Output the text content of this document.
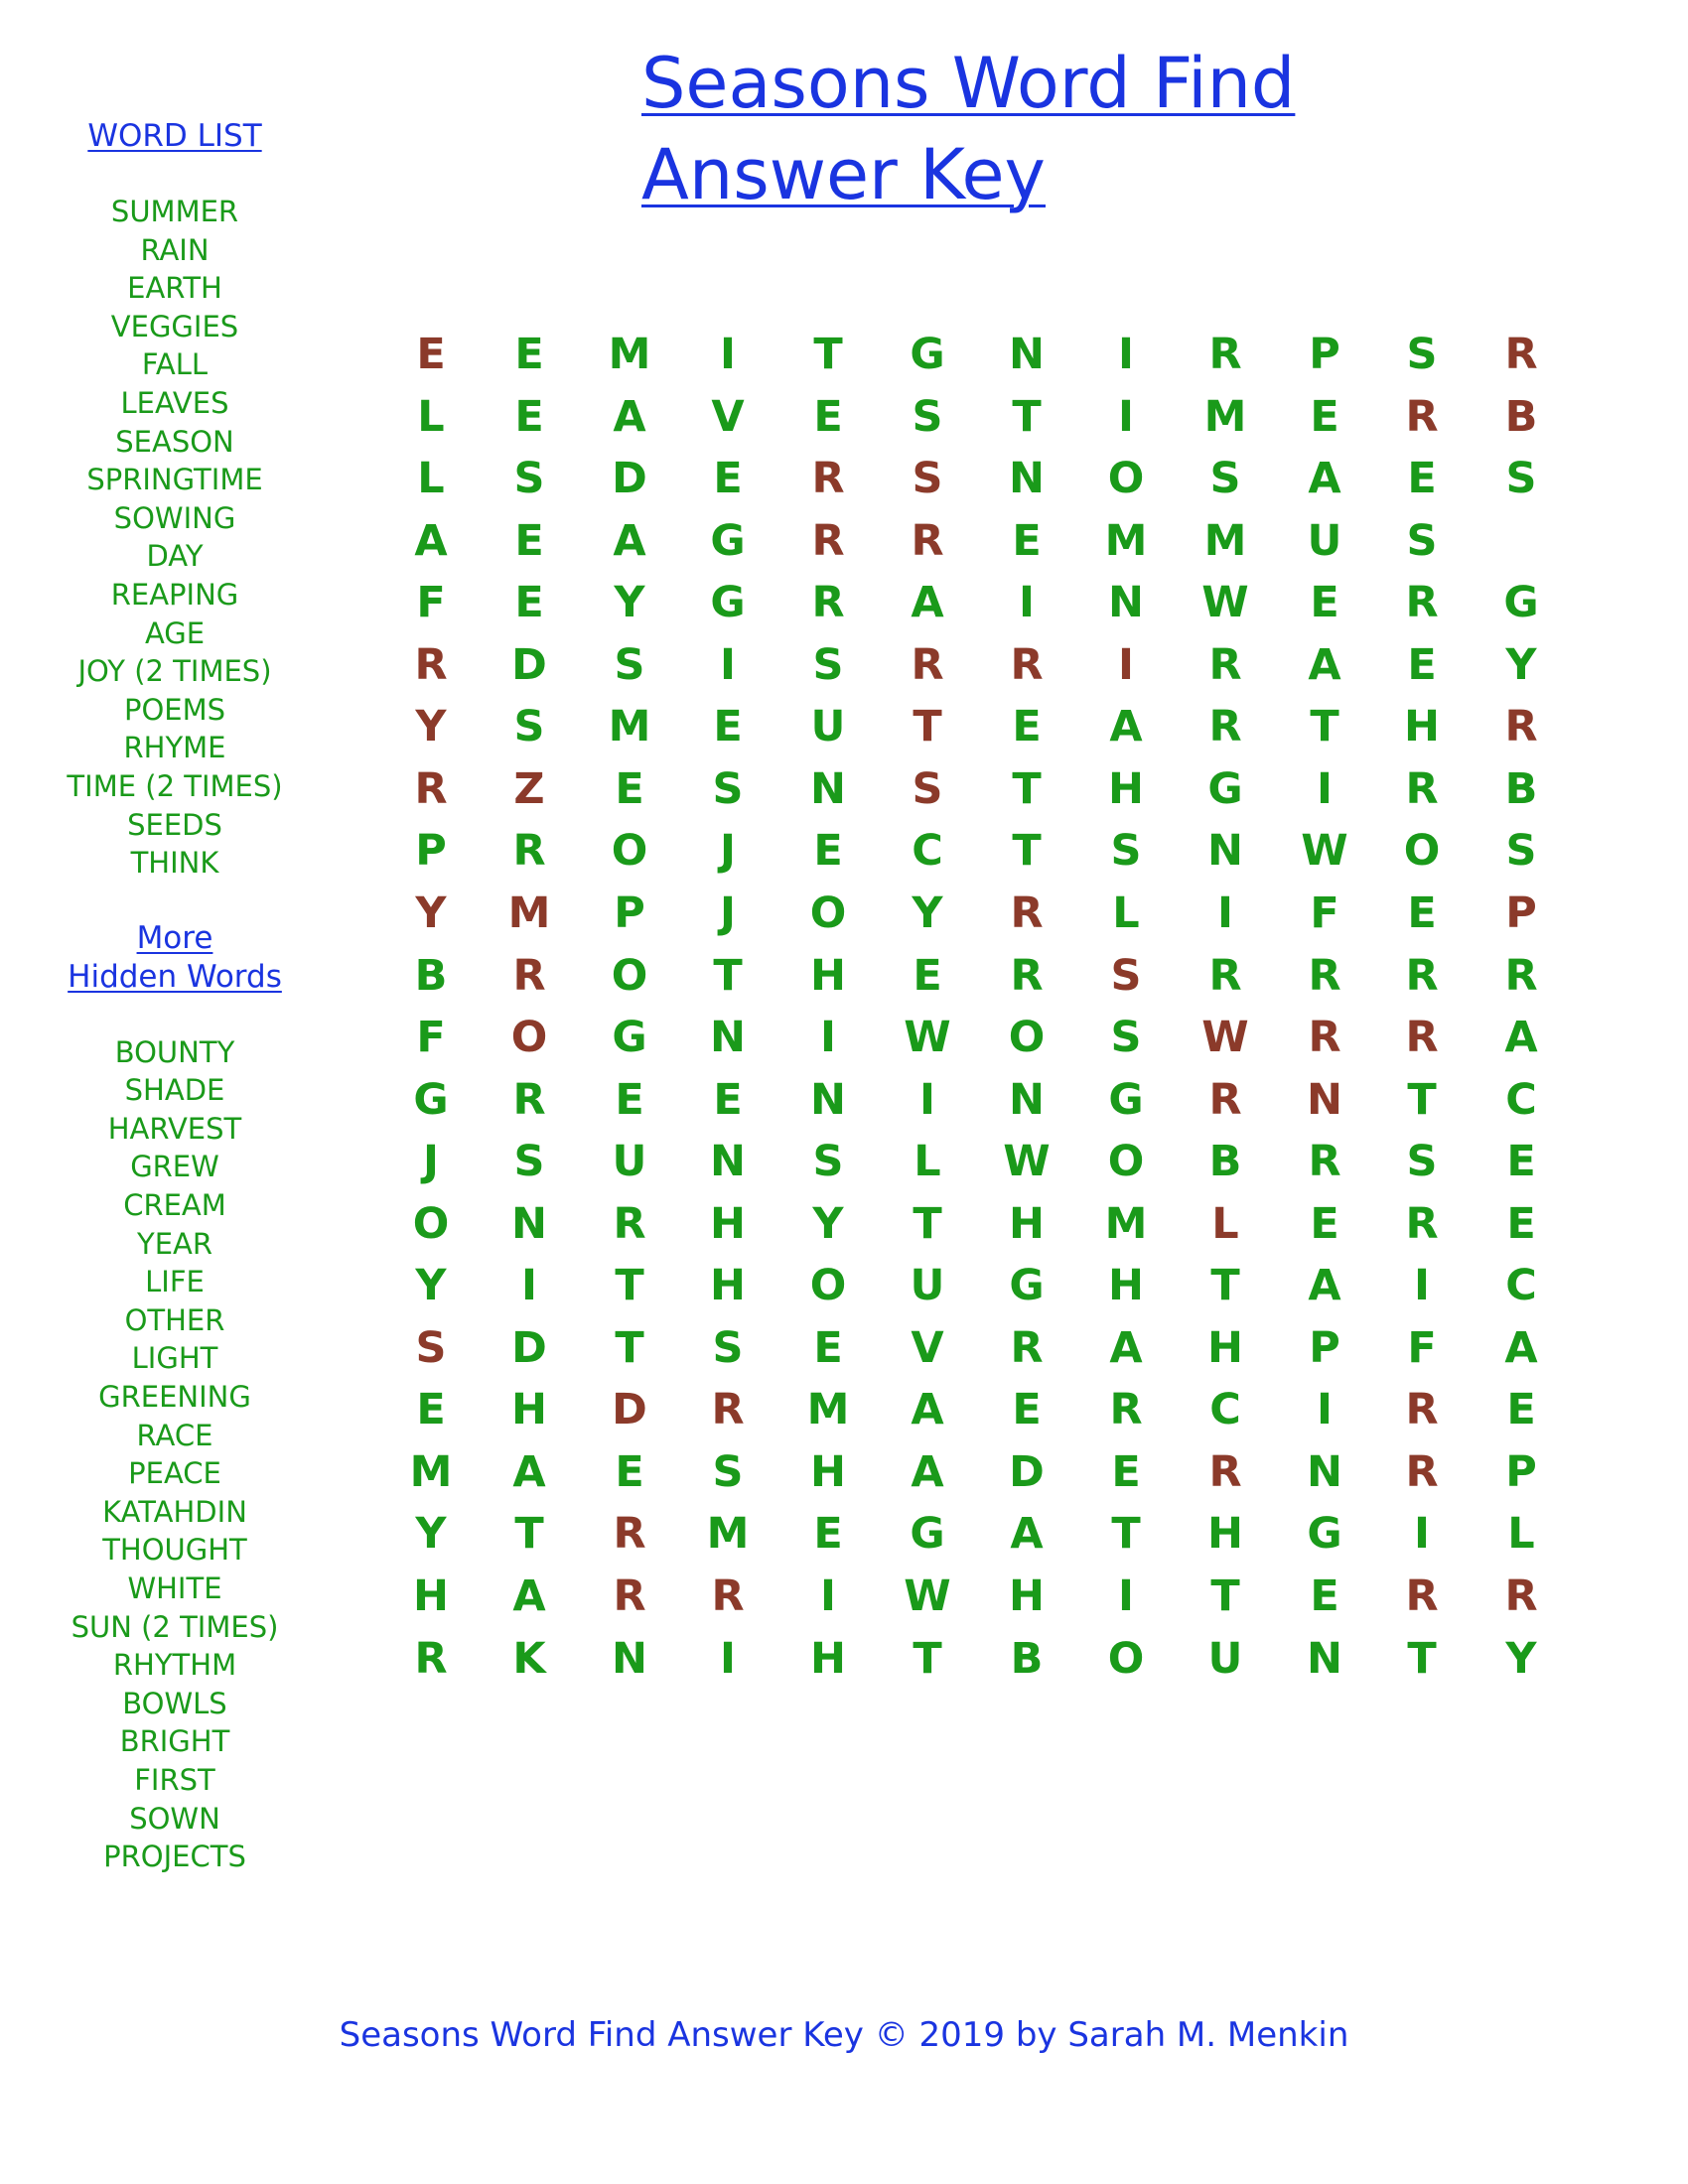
Seasons Word Find
Answer Key
WORD LIST
SUMMER
RAIN
EARTH
VEGGIES
FALL
LEAVES
SEASON
SPRINGTIME
SOWING
DAY
REAPING
AGE
JOY (2 TIMES)
POEMS
RHYME
TIME (2 TIMES)
SEEDS
THINK
More
Hidden Words
BOUNTY
SHADE
HARVEST
GREW
CREAM
YEAR
LIFE
OTHER
LIGHT
GREENING
RACE
PEACE
KATAHDIN
THOUGHT
WHITE
SUN (2 TIMES)
RHYTHM
BOWLS
BRIGHT
FIRST
SOWN
PROJECTS
E	E	M	I	T	G	N	I	R	P	S	R
L	E	A	V	E	S	T	I	M	E	R	B
L	S	D	E	R	S	N	O	S	A	E	S
A	E	A	G	R	R	E	M	M	U	S
F	E	Y	G	R	A	I	N	W	E	R	G
R	D	S	I	S	R	R	I	R	A	E	Y
Y	S	M	E	U	T	E	A	R	T	H	R
R	Z	E	S	N	S	T	H	G	I	R	B
P	R	O	J	E	C	T	S	N	W	O	S
Y	M	P	J	O	Y	R	L	I	F	E	P
B	R	O	T	H	E	R	S	R	R	R	R
F	O	G	N	I	W	O	S	W	R	R	A
G	R	E	E	N	I	N	G	R	N	T	C
J	S	U	N	S	L	W	O	B	R	S	E
O	N	R	H	Y	T	H	M	L	E	R	E
Y	I	T	H	O	U	G	H	T	A	I	C
S	D	T	S	E	V	R	A	H	P	F	A
E	H	D	R	M	A	E	R	C	I	R	E
M	A	E	S	H	A	D	E	R	N	R	P
Y	T	R	M	E	G	A	T	H	G	I	L
H	A	R	R	I	W	H	I	T	E	R	R
R	K	N	I	H	T	B	O	U	N	T	Y
Seasons Word Find Answer Key © 2019 by Sarah M. Menkin
